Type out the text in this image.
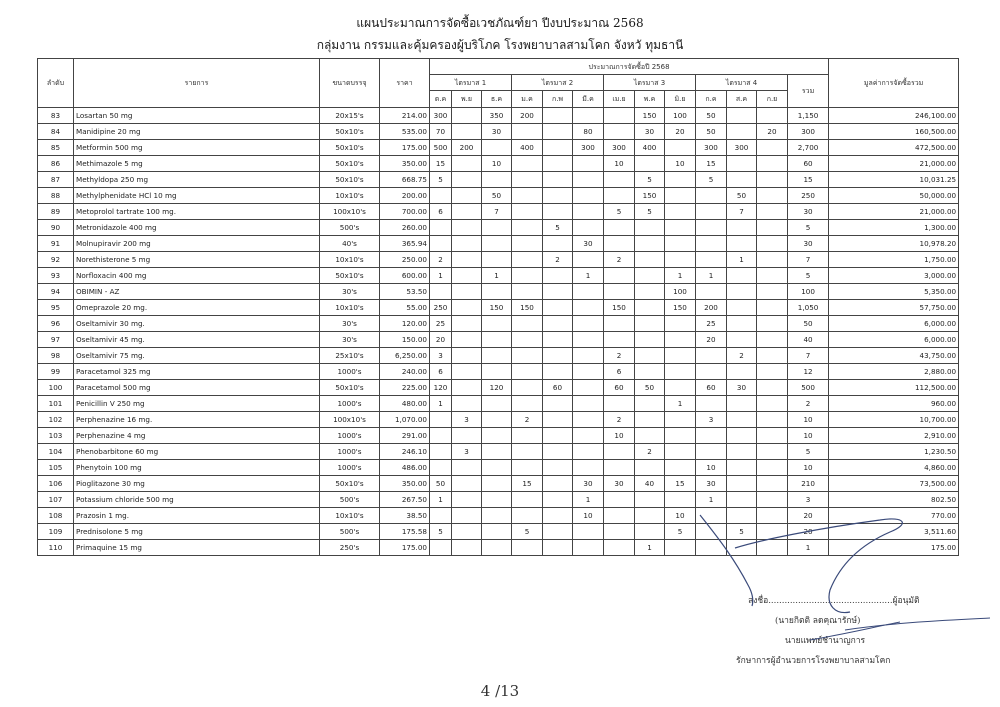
แผนประมาณการจัดซื้อเวชภัณฑ์ยา ปีงบประมาณ 2568
กลุ่มงาน กรรมและคุ้มครองผู้บริโภค โรงพยาบาลสามโคก จังหวั ทุมธานี
ลำดับ	รายการ	ขนาดบรรจุ	ราคา	ประมาณการจัดซื้อปี 2568													มูลค่าการจัดซื้อรวม
				ไตรมาส 1			ไตรมาส 2			ไตรมาส 3			ไตรมาส 4			รวม	
				ต.ค	พ.ย	ธ.ค	ม.ค	ก.พ	มี.ค	เม.ย	พ.ค	มิ.ย	ก.ค	ส.ค	ก.ย		
83	Losartan 50 mg	20x15's	214.00	300		350	200				150	100	50			1,150	246,100.00
84	Manidipine 20 mg	50x10's	535.00	70		30			80		30	20	50		20	300	160,500.00
85	Metformin 500 mg	50x10's	175.00	500	200		400		300	300	400		300	300		2,700	472,500.00
86	Methimazole 5 mg	50x10's	350.00	15		10				10		10	15			60	21,000.00
87	Methyldopa 250 mg	50x10's	668.75	5							5		5			15	10,031.25
88	Methylphenidate HCl 10 mg	10x10's	200.00			50					150			50		250	50,000.00
89	Metoprolol tartrate 100 mg.	100x10's	700.00	6		7				5	5			7		30	21,000.00
90	Metronidazole 400 mg	500's	260.00					5								5	1,300.00
91	Molnupiravir 200 mg	40's	365.94						30							30	10,978.20
92	Norethisterone 5 mg	10x10's	250.00	2				2		2				1		7	1,750.00
93	Norfloxacin 400 mg	50x10's	600.00	1		1			1			1	1			5	3,000.00
94	OBIMIN - AZ	30's	53.50									100				100	5,350.00
95	Omeprazole 20 mg.	10x10's	55.00	250		150	150			150		150	200			1,050	57,750.00
96	Oseltamivir 30 mg.	30's	120.00	25									25			50	6,000.00
97	Oseltamivir 45 mg.	30's	150.00	20									20			40	6,000.00
98	Oseltamivir 75 mg.	25x10's	6,250.00	3						2				2		7	43,750.00
99	Paracetamol 325 mg	1000's	240.00	6						6						12	2,880.00
100	Paracetamol 500 mg	50x10's	225.00	120		120		60		60	50		60	30		500	112,500.00
101	Penicillin V 250 mg	1000's	480.00	1								1				2	960.00
102	Perphenazine 16 mg.	100x10's	1,070.00		3		2			2			3			10	10,700.00
103	Perphenazine 4 mg	1000's	291.00							10						10	2,910.00
104	Phenobarbitone 60 mg	1000's	246.10		3						2					5	1,230.50
105	Phenytoin 100 mg	1000's	486.00										10			10	4,860.00
106	Pioglitazone 30 mg	50x10's	350.00	50			15		30	30	40	15	30			210	73,500.00
107	Potassium chloride 500 mg	500's	267.50	1					1				1			3	802.50
108	Prazosin 1 mg.	10x10's	38.50						10			10				20	770.00
109	Prednisolone 5 mg	500's	175.58	5			5					5		5		20	3,511.60
110	Primaquine 15 mg	250's	175.00								1					1	175.00
ลงชื่อ..............................................ผู้อนุมัติ
(นายกิตติ ลดคุณารักษ์)
นายแพทย์ชำนาญการ
รักษาการผู้อำนวยการโรงพยาบาลสามโคก
4 /13
